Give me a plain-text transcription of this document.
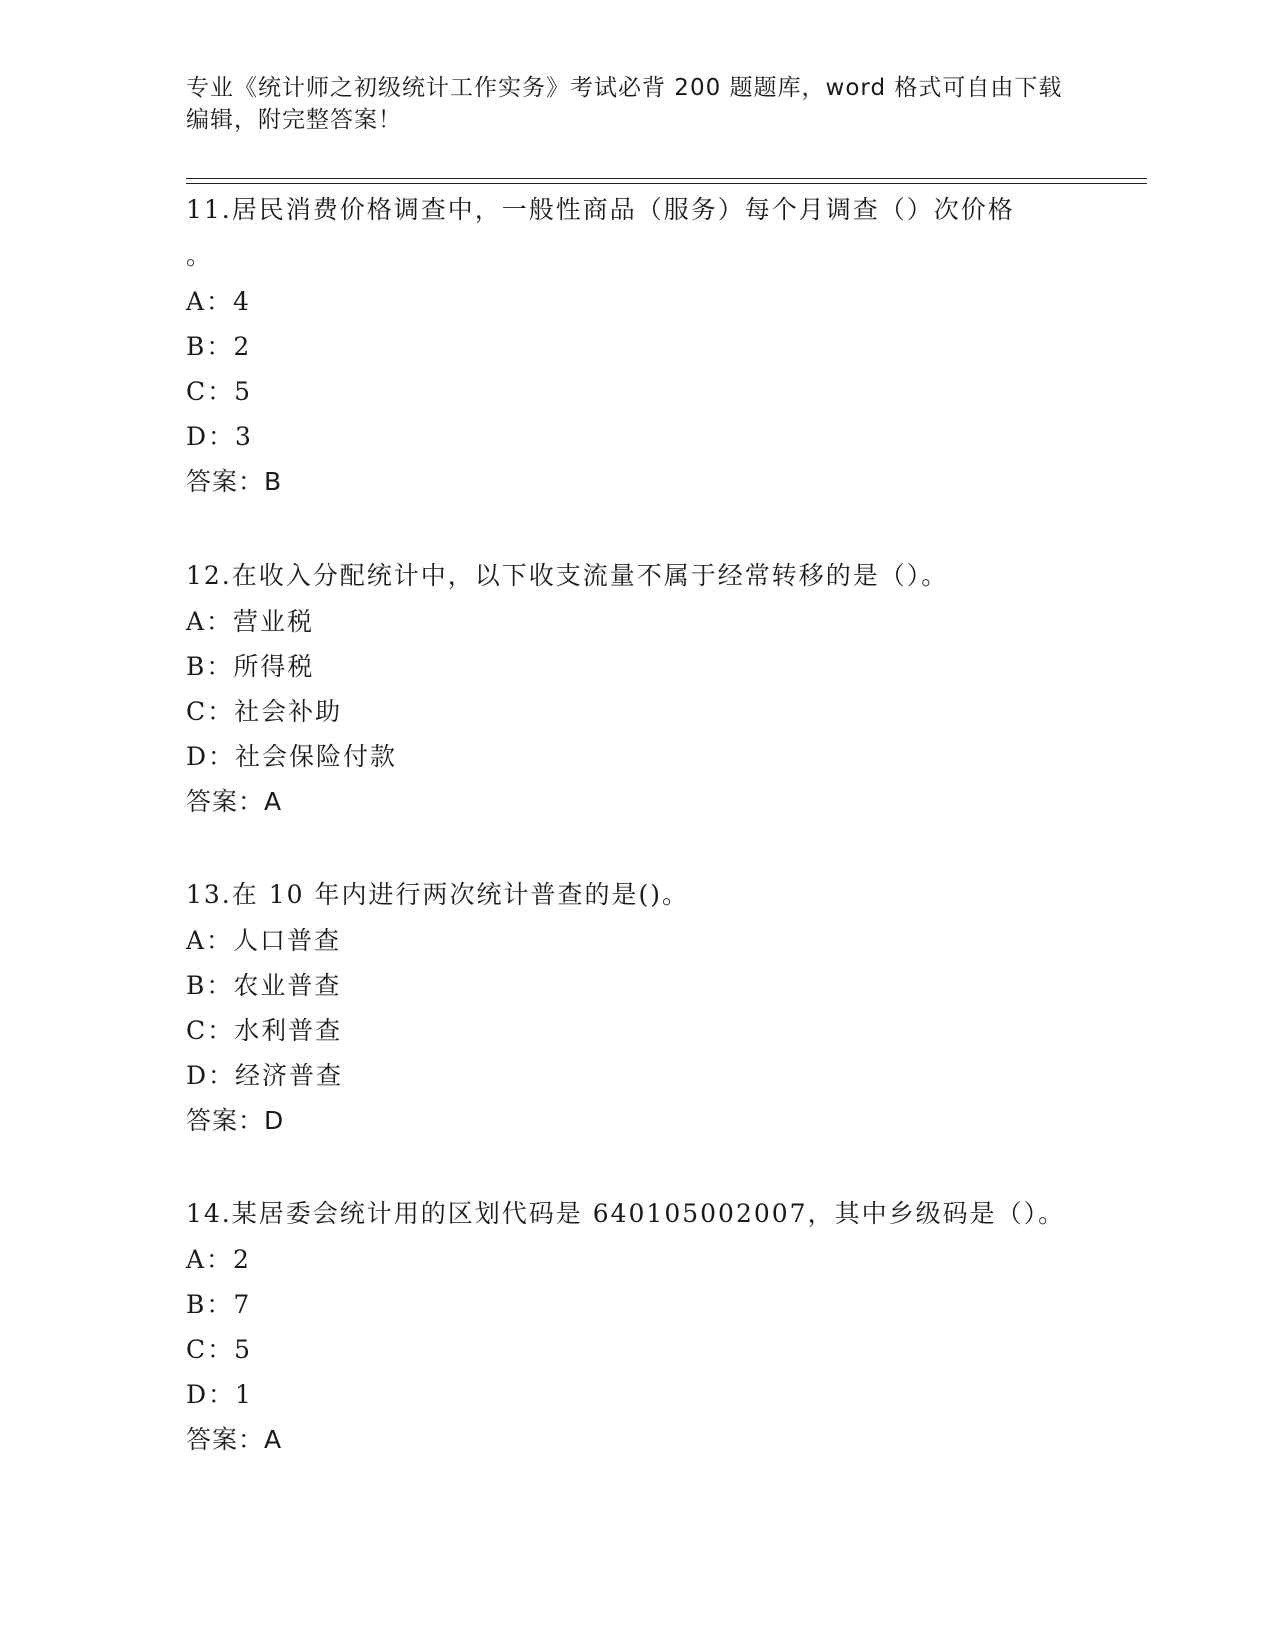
专业《统计师之初级统计工作实务》考试必背 200 题题库，word 格式可自由下载
编辑，附完整答案！
11.居民消费价格调查中，一般性商品（服务）每个月调查（）次价格
。
A：4
B：2
C：5
D：3
答案：B
12.在收入分配统计中，以下收支流量不属于经常转移的是（）。
A：营业税
B：所得税
C：社会补助
D：社会保险付款
答案：A
13.在 10 年内进行两次统计普查的是()。
A：人口普查
B：农业普查
C：水利普查
D：经济普查
答案：D
14.某居委会统计用的区划代码是 640105002007，其中乡级码是（）。
A：2
B：7
C：5
D：1
答案：A
